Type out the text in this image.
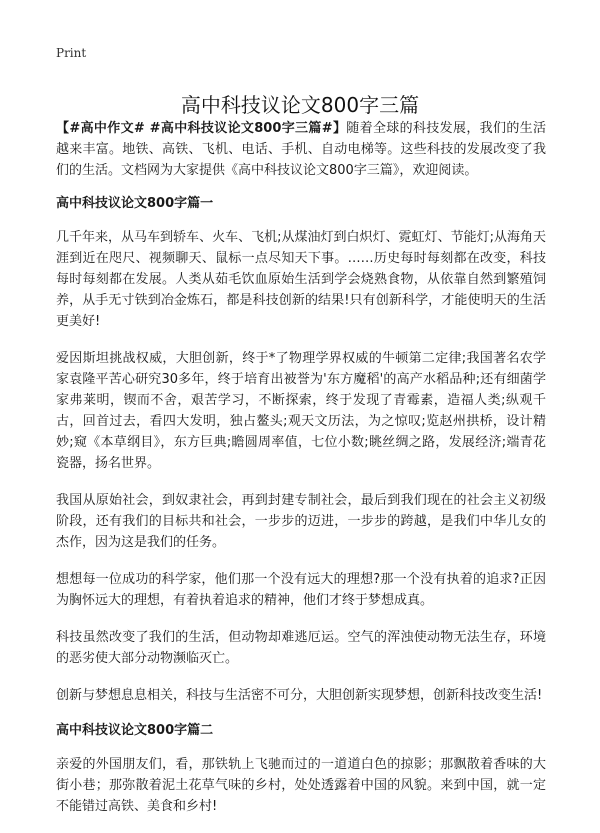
Print
高中科技议论文800字三篇

【#高中作文# #高中科技议论文800字三篇#】随着全球的科技发展，我们的生活越来丰富。地铁、高铁、飞机、电话、手机、自动电梯等。这些科技的发展改变了我们的生活。文档网为大家提供《高中科技议论文800字三篇》，欢迎阅读。

高中科技议论文800字篇一

几千年来，从马车到轿车、火车、飞机;从煤油灯到白炽灯、霓虹灯、节能灯;从海角天涯到近在咫尺、视频聊天、鼠标一点尽知天下事。……历史每时每刻都在改变，科技每时每刻都在发展。人类从茹毛饮血原始生活到学会烧熟食物，从依靠自然到繁殖饲养，从手无寸铁到冶金炼石，都是科技创新的结果!只有创新科学，才能使明天的生活更美好!

爱因斯坦挑战权威，大胆创新，终于*了物理学界权威的牛顿第二定律;我国著名农学家袁隆平苦心研究30多年，终于培育出被誉为'东方魔稻'的高产水稻品种;还有细菌学家弗莱明，锲而不舍，艰苦学习，不断探索，终于发现了青霉素，造福人类;纵观千古，回首过去，看四大发明，独占鳌头;观天文历法，为之惊叹;览赵州拱桥，设计精妙;窥《本草纲目》，东方巨典;瞻圆周率值，七位小数;眺丝绸之路，发展经济;端青花瓷器，扬名世界。

我国从原始社会，到奴隶社会，再到封建专制社会，最后到我们现在的社会主义初级阶段，还有我们的目标共和社会，一步步的迈进，一步步的跨越，是我们中华儿女的杰作，因为这是我们的任务。

想想每一位成功的科学家，他们那一个没有远大的理想?那一个没有执着的追求?正因为胸怀远大的理想，有着执着追求的精神，他们才终于梦想成真。

科技虽然改变了我们的生活，但动物却难逃厄运。空气的浑浊使动物无法生存，环境的恶劣使大部分动物濒临灭亡。

创新与梦想息息相关，科技与生活密不可分，大胆创新实现梦想，创新科技改变生活!

高中科技议论文800字篇二

亲爱的外国朋友们，看，那铁轨上飞驰而过的一道道白色的掠影；那飘散着香味的大街小巷；那弥散着泥土花草气味的乡村，处处透露着中国的风貌。来到中国，就一定不能错过高铁、美食和乡村!
